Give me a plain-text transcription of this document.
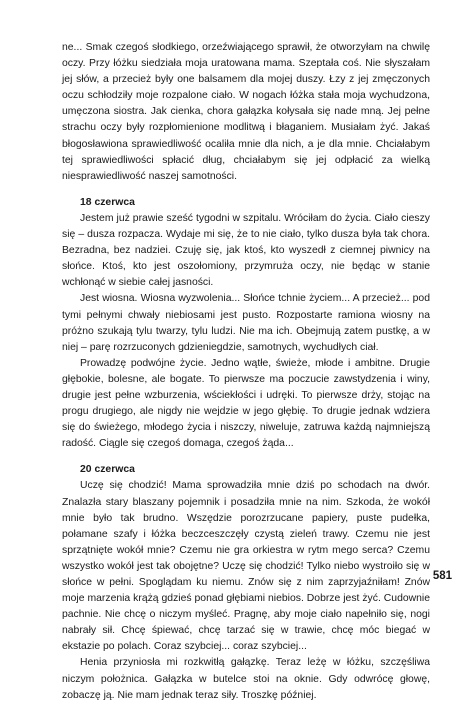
ne... Smak czegoś słodkiego, orzeźwiającego sprawił, że otworzyłam na chwilę oczy. Przy łóżku siedziała moja uratowana mama. Szeptała coś. Nie słyszałam jej słów, a przecież były one balsamem dla mojej duszy. Łzy z jej zmęczonych oczu schłodziły moje rozpalone ciało. W nogach łóżka stała moja wychudzona, umęczona siostra. Jak cienka, chora gałązka kołysała się nade mną. Jej pełne strachu oczy były rozpłomienione modlitwą i błaganiem. Musiałam żyć. Jakaś błogosławiona sprawiedliwość ocaliła mnie dla nich, a je dla mnie. Chciałabym tej sprawiedliwości spłacić dług, chciałabym się jej odpłacić za wielką niesprawiedliwość naszej samotności.

18 czerwca

Jestem już prawie sześć tygodni w szpitalu. Wróciłam do życia. Ciało cieszy się – dusza rozpacza. Wydaje mi się, że to nie ciało, tylko dusza była tak chora. Bezradna, bez nadziei. Czuję się, jak ktoś, kto wyszedł z ciemnej piwnicy na słońce. Ktoś, kto jest oszołomiony, przymruża oczy, nie będąc w stanie wchłonąć w siebie całej jasności.

Jest wiosna. Wiosna wyzwolenia... Słońce tchnie życiem... A przecież... pod tymi pełnymi chwały niebiosami jest pusto. Rozpostarte ramiona wiosny na próżno szukają tylu twarzy, tylu ludzi. Nie ma ich. Obejmują zatem pustkę, a w niej – parę rozrzuconych gdzieniegdzie, samotnych, wychudłych ciał.

Prowadzę podwójne życie. Jedno wątłe, świeże, młode i ambitne. Drugie głębokie, bolesne, ale bogate. To pierwsze ma poczucie zawstydzenia i winy, drugie jest pełne wzburzenia, wściekłości i udręki. To pierwsze drży, stojąc na progu drugiego, ale nigdy nie wejdzie w jego głębię. To drugie jednak wdziera się do świeżego, młodego życia i niszczy, niweluje, zatruwa każdą najmniejszą radość. Ciągle się czegoś domaga, czegoś żąda...

20 czerwca

Uczę się chodzić! Mama sprowadziła mnie dziś po schodach na dwór. Znalazła stary blaszany pojemnik i posadziła mnie na nim. Szkoda, że wokół mnie było tak brudno. Wszędzie porozrzucane papiery, puste pudełka, połamane szafy i łóżka beczceszczęły czystą zieleń trawy. Czemu nie jest sprzątnięte wokół mnie? Czemu nie gra orkiestra w rytm mego serca? Czemu wszystko wokół jest tak obojętne? Uczę się chodzić! Tylko niebo wystroiło się w słońce w pełni. Spoglądam ku niemu. Znów się z nim zaprzyjaźniłam! Znów moje marzenia krążą gdzieś ponad głębiami niebios. Dobrze jest żyć. Cudownie pachnie. Nie chcę o niczym myśleć. Pragnę, aby moje ciało napełniło się, nogi nabrały sił. Chcę śpiewać, chcę tarzać się w trawie, chcę móc biegać w ekstazie po polach. Coraz szybciej... coraz szybciej...

Henia przyniosła mi rozkwitłą gałązkę. Teraz leżę w łóżku, szczęśliwa niczym położnica. Gałązka w butelce stoi na oknie. Gdy odwrócę głowę, zobaczę ją. Nie mam jednak teraz siły. Troszkę później.

581
